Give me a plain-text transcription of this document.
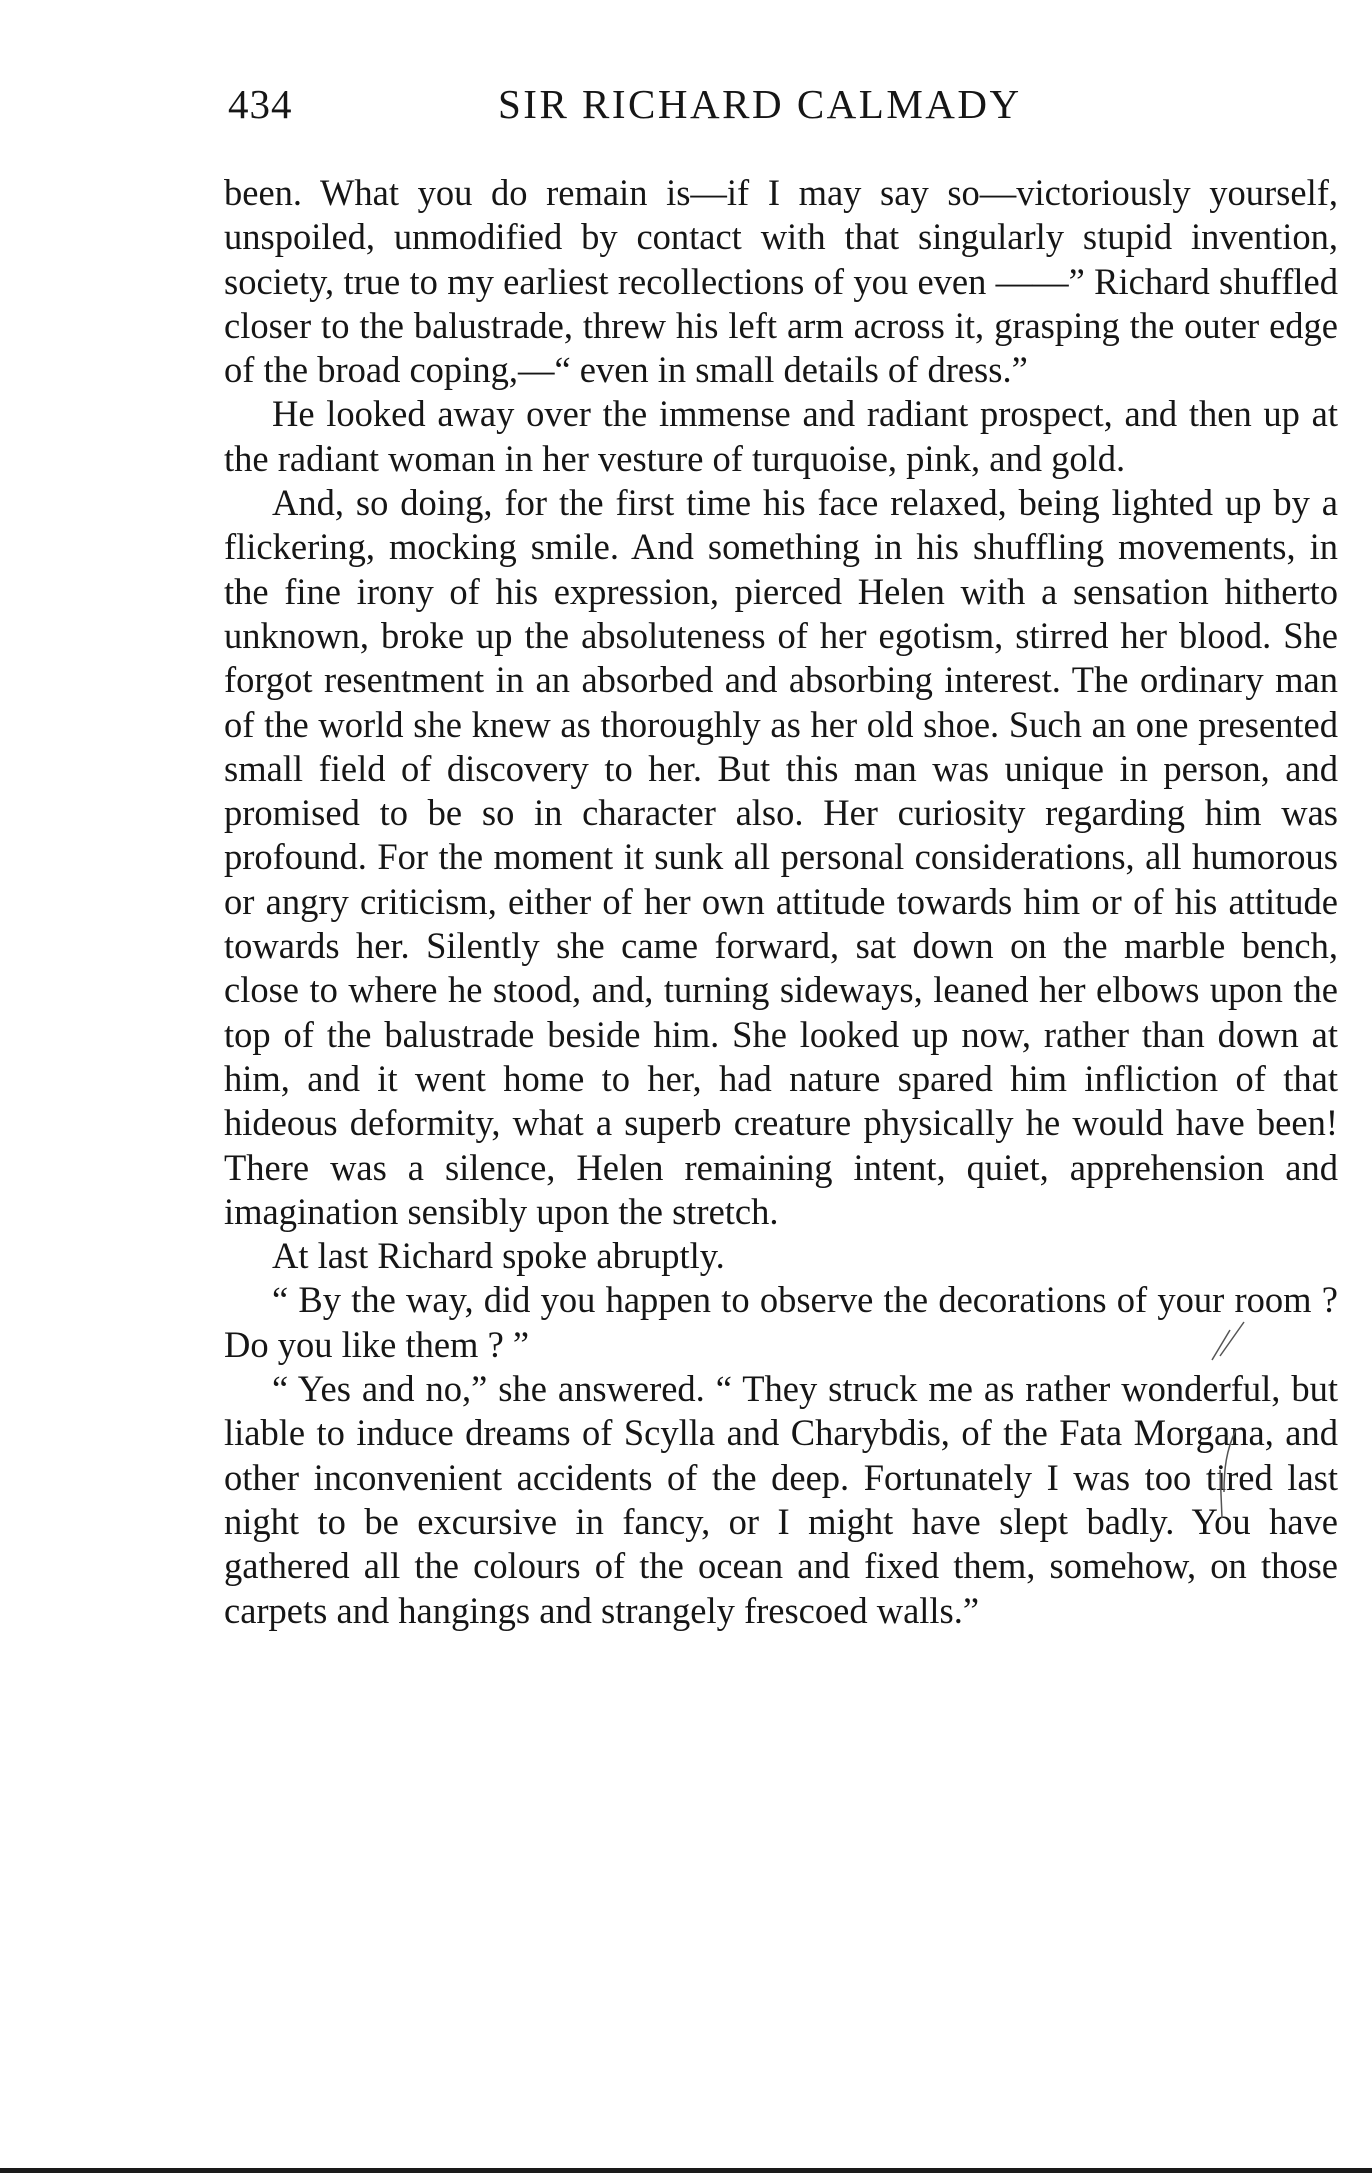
434	SIR RICHARD CALMADY

been. What you do remain is—if I may say so—victoriously yourself, unspoiled, unmodified by contact with that singularly stupid invention, society, true to my earliest recollections of you even ——” Richard shuffled closer to the balustrade, threw his left arm across it, grasping the outer edge of the broad coping,—“ even in small details of dress.”

He looked away over the immense and radiant prospect, and then up at the radiant woman in her vesture of turquoise, pink, and gold.

And, so doing, for the first time his face relaxed, being lighted up by a flickering, mocking smile. And something in his shuffling movements, in the fine irony of his expression, pierced Helen with a sensation hitherto unknown, broke up the absoluteness of her egotism, stirred her blood. She forgot resentment in an absorbed and absorbing interest. The ordinary man of the world she knew as thoroughly as her old shoe. Such an one presented small field of discovery to her. But this man was unique in person, and promised to be so in character also. Her curiosity regarding him was profound. For the moment it sunk all personal considerations, all humorous or angry criticism, either of her own attitude towards him or of his attitude towards her. Silently she came forward, sat down on the marble bench, close to where he stood, and, turning sideways, leaned her elbows upon the top of the balustrade beside him. She looked up now, rather than down at him, and it went home to her, had nature spared him infliction of that hideous deformity, what a superb creature physically he would have been! There was a silence, Helen remaining intent, quiet, apprehension and imagination sensibly upon the stretch.

At last Richard spoke abruptly.

“ By the way, did you happen to observe the decorations of your room ? Do you like them ? ”

“ Yes and no,” she answered. “ They struck me as rather wonderful, but liable to induce dreams of Scylla and Charybdis, of the Fata Morgana, and other inconvenient accidents of the deep. Fortunately I was too tired last night to be excursive in fancy, or I might have slept badly. You have gathered all the colours of the ocean and fixed them, somehow, on those carpets and hangings and strangely frescoed walls.”
